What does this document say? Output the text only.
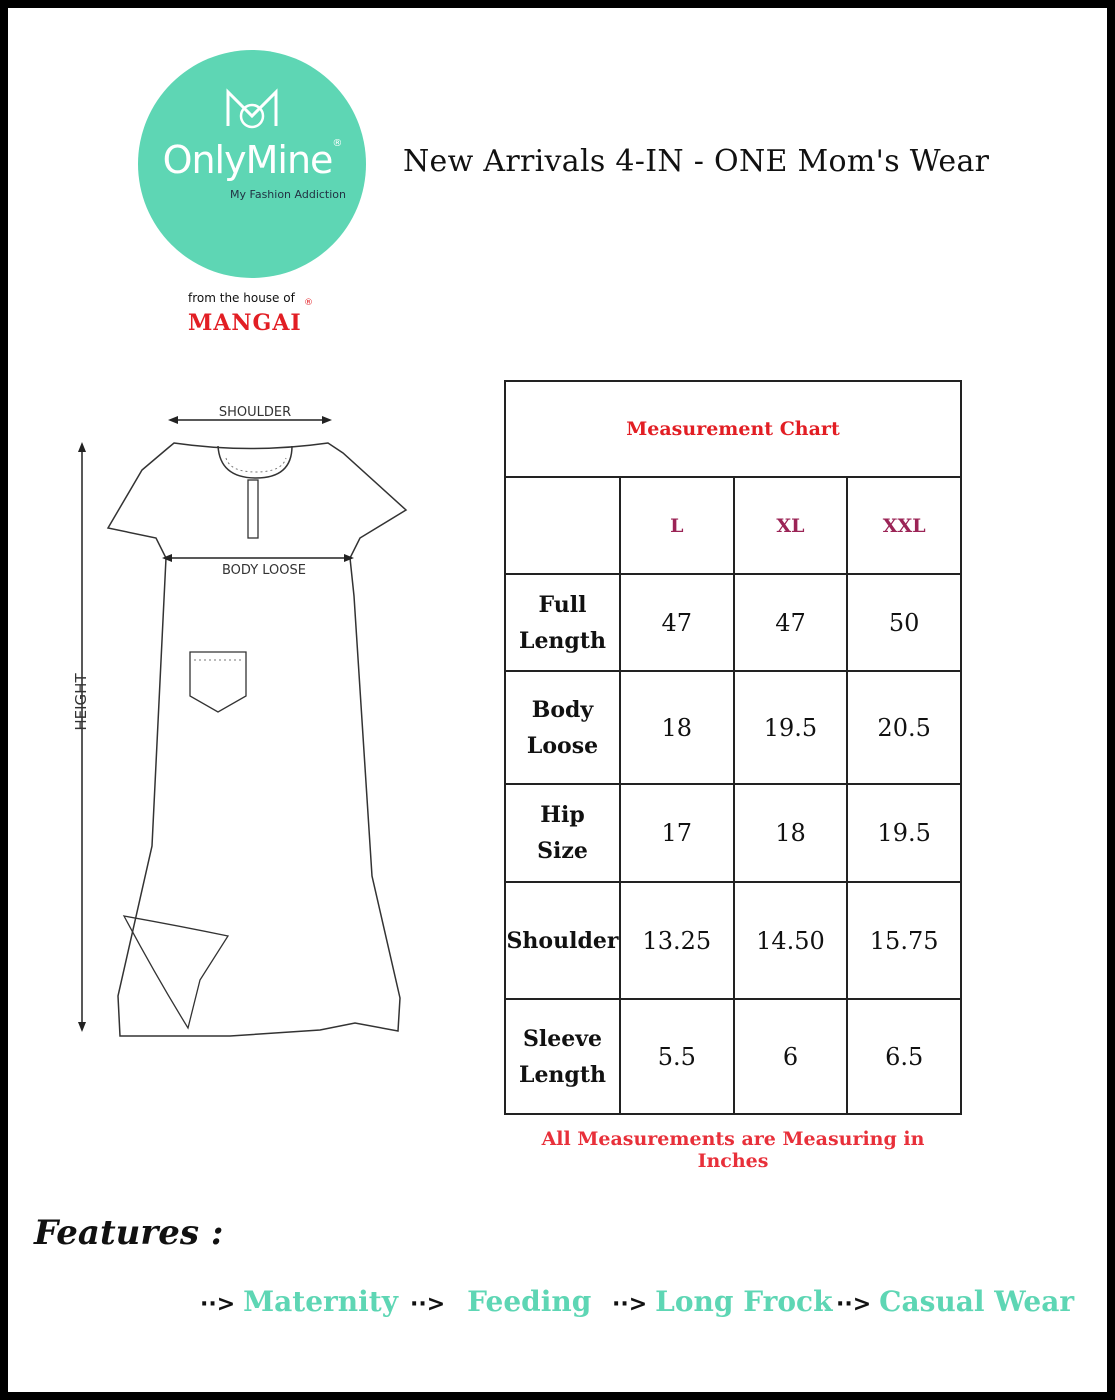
OnlyMine®
My Fashion Addiction
from the house of
MANGAI
®
New Arrivals 4-IN - ONE Mom's Wear
SHOULDER
HEIGHT
BODY LOOSE
Measurement Chart			
	L	XL	XXL

Full
Length	47	47	50

Body
Loose	18	19.5	20.5

Hip
Size	17	18	19.5

Shoulder	13.25	14.50	15.75

Sleeve
Length	5.5	6	6.5
All Measurements are Measuring in Inches
Features :
··> Maternity ··> Feeding ··> Long Frock ··> Casual Wear
